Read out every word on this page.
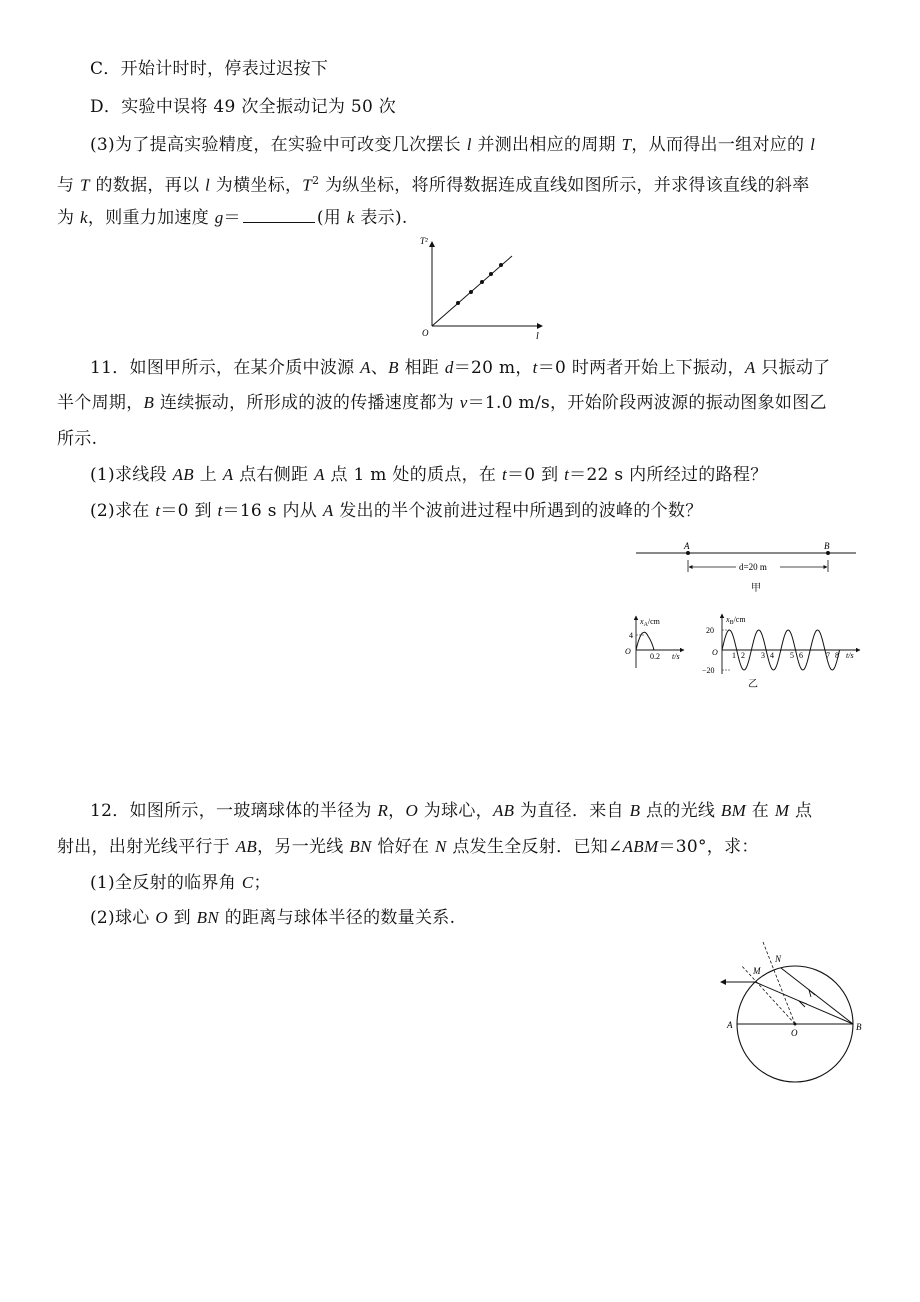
C．开始计时时，停表过迟按下
D．实验中误将 49 次全振动记为 50 次
(3)为了提高实验精度，在实验中可改变几次摆长 l 并测出相应的周期 T，从而得出一组对应的 l
与 T 的数据，再以 l 为横坐标，$T^2$ 为纵坐标，将所得数据连成直线如图所示，并求得该直线的斜率
为 k，则重力加速度 g＝	(用 k 表示).
T²
l
O
11．如图甲所示，在某介质中波源 A、B 相距 d＝20 m，t＝0 时两者开始上下振动，A 只振动了
半个周期，B 连续振动，所形成的波的传播速度都为 v＝1.0 m/s，开始阶段两波源的振动图象如图乙
所示.
(1)求线段 AB 上 A 点右侧距 A 点 1 m 处的质点，在 t＝0 到 t＝22 s 内所经过的路程？
(2)求在 t＝0 到 t＝16 s 内从 A 发出的半个波前进过程中所遇到的波峰的个数？
A	B
d=20 m
甲
$x_A/cm$
4
O
0.2 t/s
$x_B/cm$
20
−20
O 1 2 3 4 5 6	7 8 t/s
乙
12．如图所示，一玻璃球体的半径为 R，O 为球心，AB 为直径．来自 B 点的光线 BM 在 M 点
射出，出射光线平行于 AB，另一光线 BN 恰好在 N 点发生全反射．已知∠ABM＝30°，求：
(1)全反射的临界角 C；
(2)球心 O 到 BN 的距离与球体半径的数量关系.
A	B
O
M
N
